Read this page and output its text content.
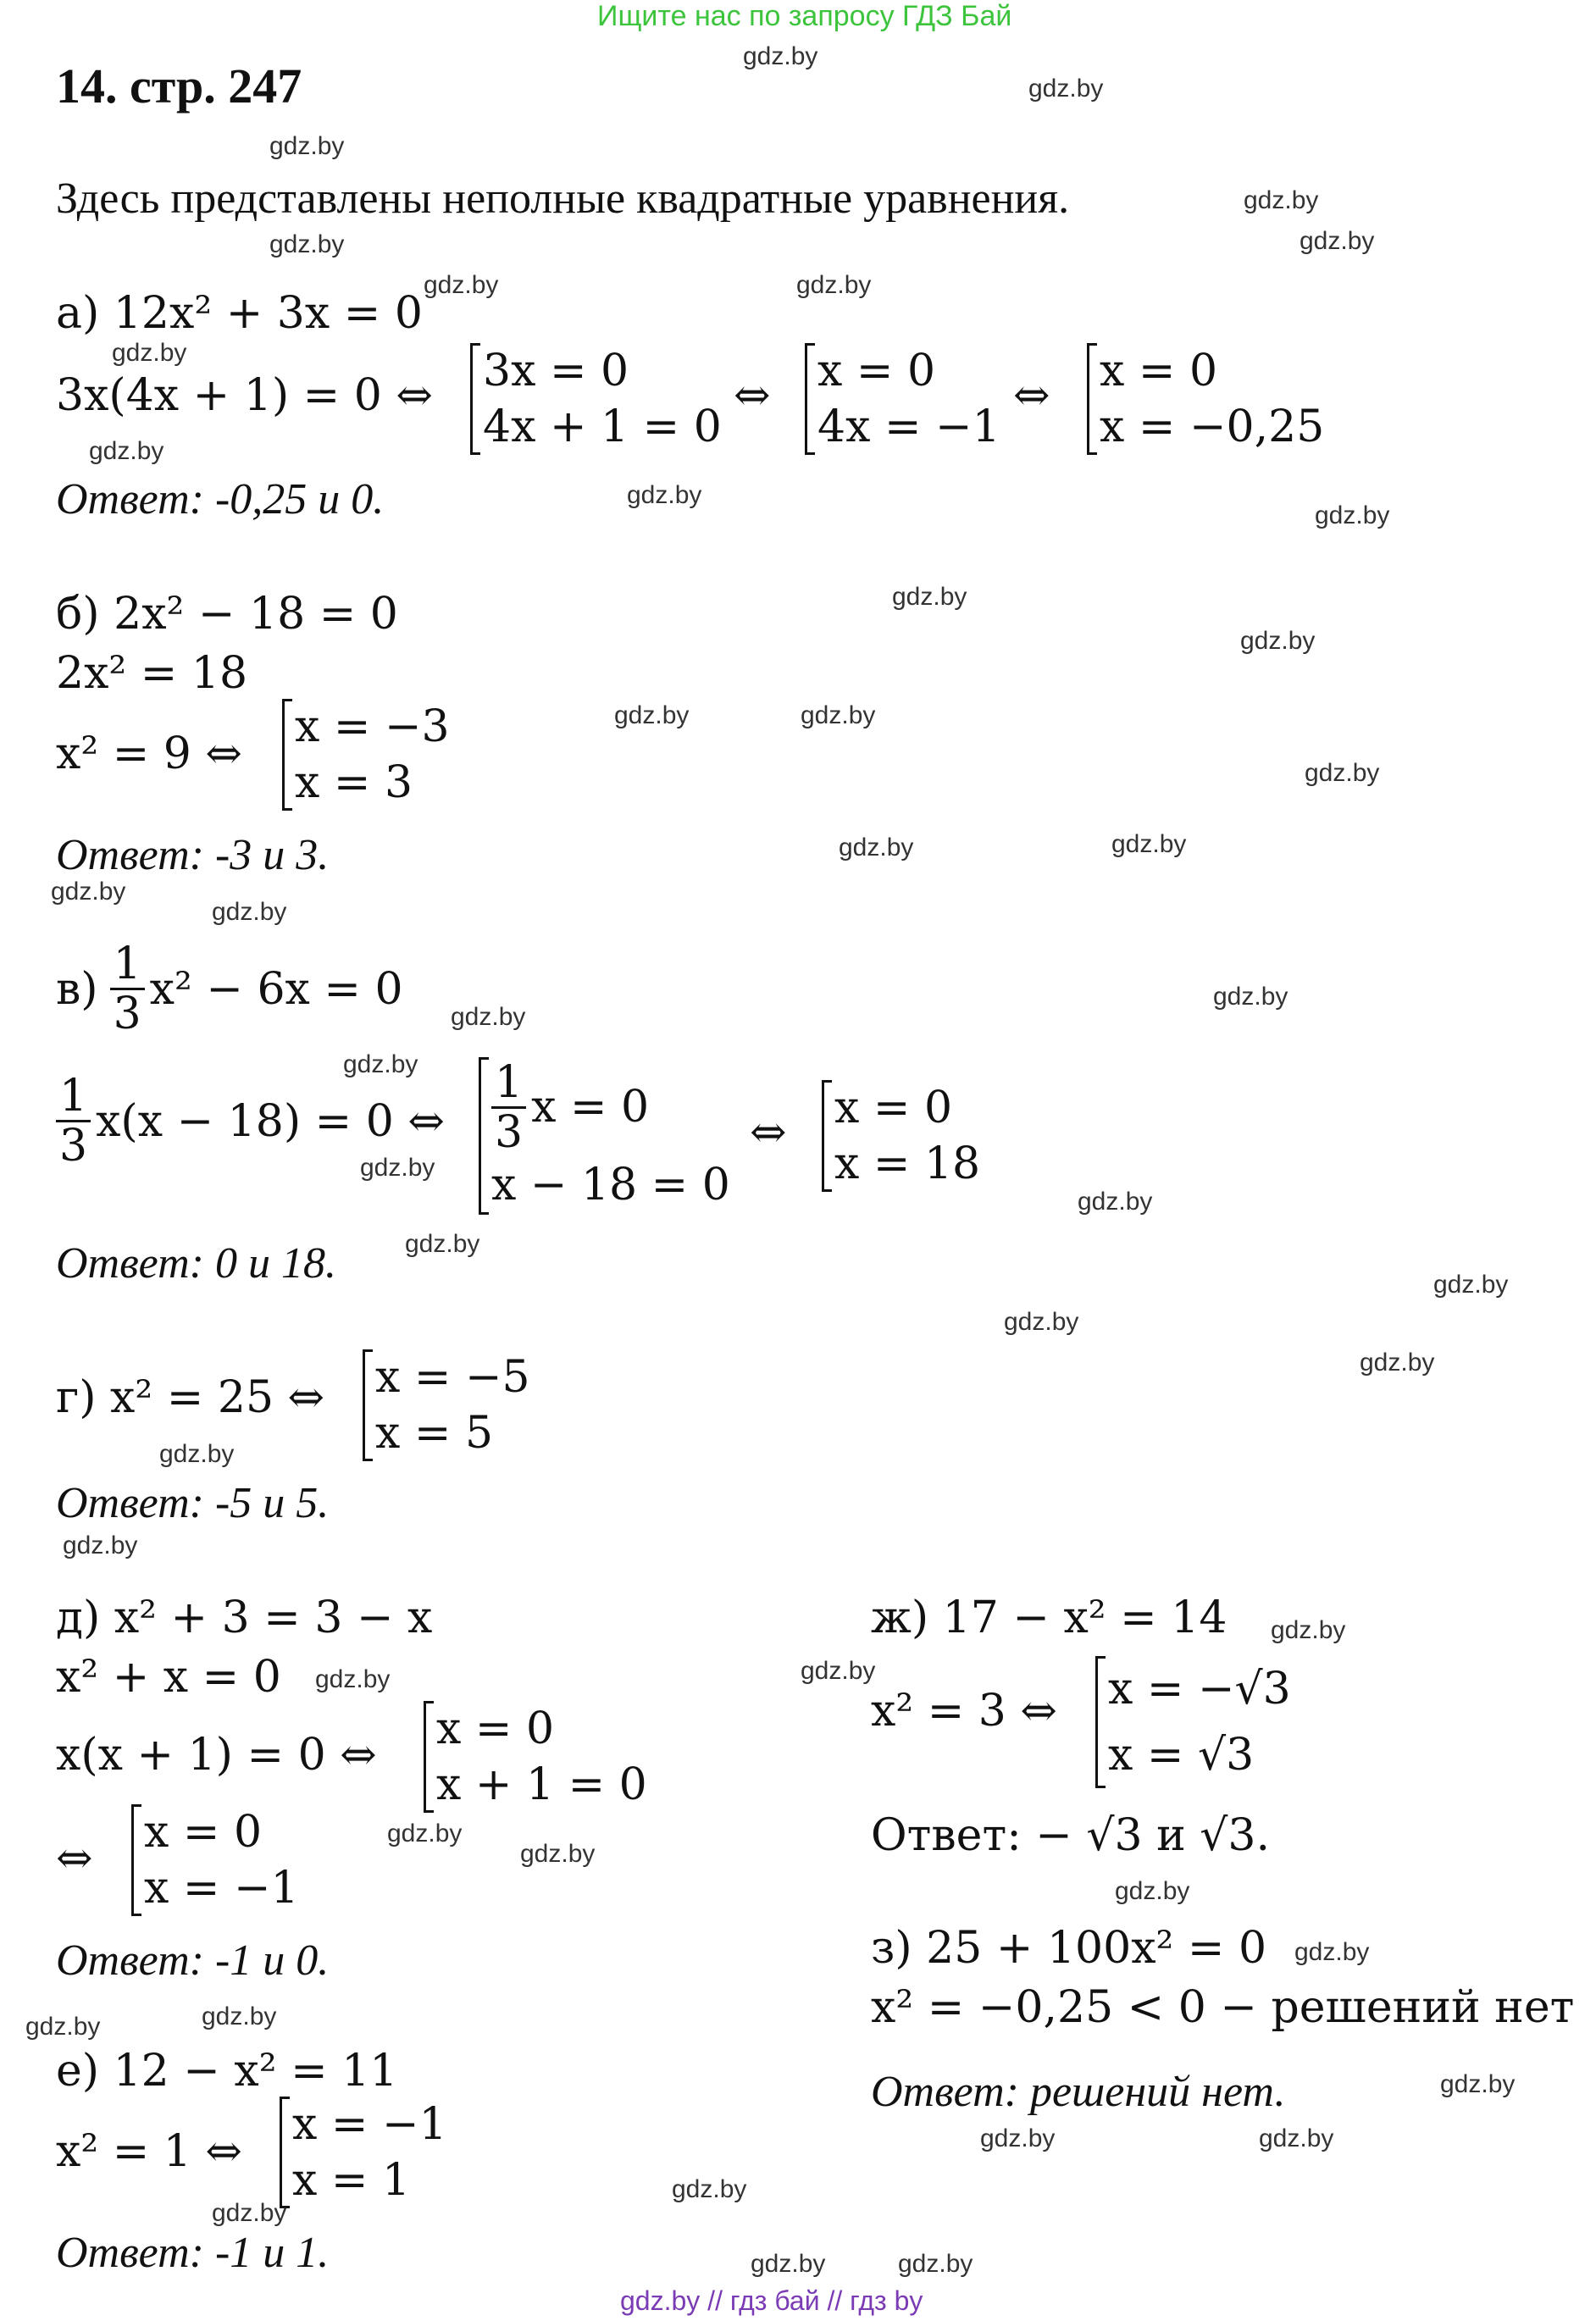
Ищите нас по запросу ГДЗ Бай
14. стр. 247
Здесь представлены неполные квадратные уравнения.
а) 12x² + 3x = 0
3x(4x + 1) = 0 ⇔ 3x = 0
4x + 1 = 0
⇔ x = 0
4x = −1
⇔ x = 0
x = −0,25
Ответ: -0,25 и 0.
б) 2x² − 18 = 0
2x² = 18
x² = 9 ⇔
x = −3
x = 3
Ответ: -3 и 3.
$в) \frac{1}{3} x^2 - 6x = 0$
$\frac{1}{3} x(x - 18) = 0$ ⇔ $\frac{1}{3}$ x = 0
x − 18 = 0
⇔ x = 0
x = 18
Ответ: 0 и 18.
г) x² = 25 ⇔ x = −5
x = 5
Ответ: -5 и 5.
д) x² + 3 = 3 − x
x² + x = 0
x(x + 1) = 0 ⇔
x = 0
x + 1 = 0
⇔
x = 0
x = −1
Ответ: -1 и 0.
е) 12 − x² = 11
x² = 1 ⇔
x = −1
x = 1
Ответ: -1 и 1.
ж) 17 − x² = 14
x² = 3 ⇔ x = −√3
x = √3
Ответ: − √3 и √3.
з) 25 + 100x² = 0
x² = −0,25 < 0 − решений нет
Ответ: решений нет.
gdz.by
gdz.by
gdz.by
gdz.by
gdz.by
gdz.by
gdz.by	gdz.by
gdz.by
gdz.by
gdz.by
gdz.by
gdz.by
gdz.by
gdz.by	gdz.by
gdz.by
gdz.by	gdz.by
gdz.by
gdz.by
gdz.by
gdz.by
gdz.by
gdz.by
gdz.by
gdz.by
gdz.by
gdz.by
gdz.by
gdz.by
gdz.by
gdz.by
gdz.by
gdz.by
gdz.by
gdz.by
gdz.by
gdz.by
gdz.by	gdz.by
gdz.by
gdz.by	gdz.by
gdz.by
gdz.by
gdz.by	gdz.by
gdz.by // гдз бай // гдз by
